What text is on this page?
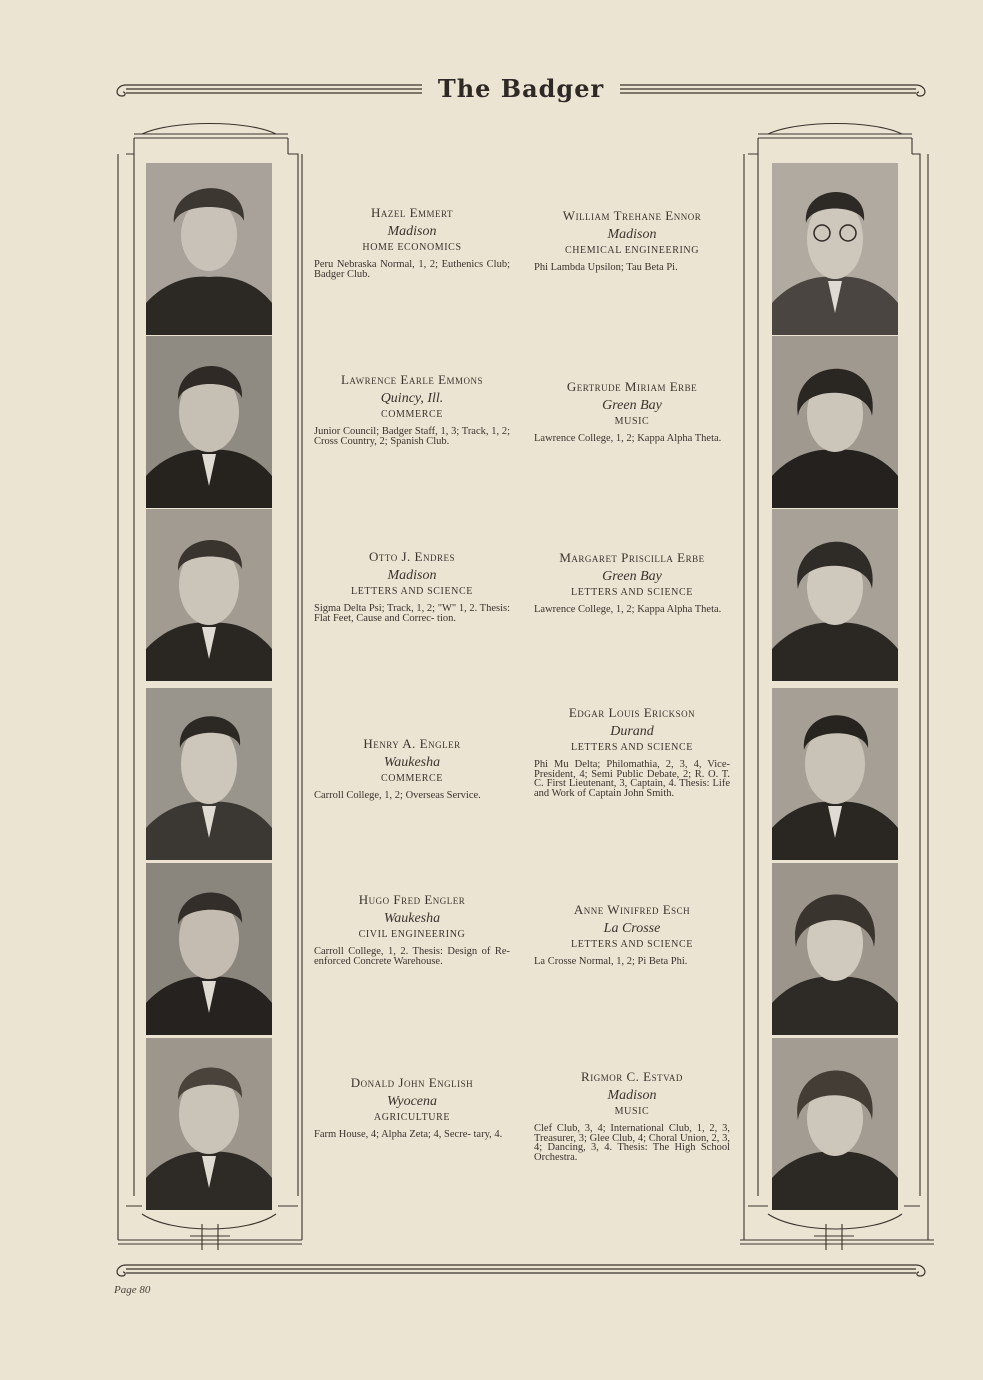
The Badger
Hazel Emmert
Madison
HOME ECONOMICS
Peru Nebraska Normal, 1, 2; Euthenics Club; Badger Club.
Lawrence Earle Emmons
Quincy, Ill.
COMMERCE
Junior Council; Badger Staff, 1, 3; Track, 1, 2; Cross Country, 2; Spanish Club.
Otto J. Endres
Madison
LETTERS AND SCIENCE
Sigma Delta Psi; Track, 1, 2; "W" 1, 2. Thesis: Flat Feet, Cause and Correc- tion.
Henry A. Engler
Waukesha
COMMERCE
Carroll College, 1, 2; Overseas Service.
Hugo Fred Engler
Waukesha
CIVIL ENGINEERING
Carroll College, 1, 2. Thesis: Design of Re-enforced Concrete Warehouse.
Donald John English
Wyocena
AGRICULTURE
Farm House, 4; Alpha Zeta; 4, Secre- tary, 4.
William Trehane Ennor
Madison
CHEMICAL ENGINEERING
Phi Lambda Upsilon; Tau Beta Pi.
Gertrude Miriam Erbe
Green Bay
MUSIC
Lawrence College, 1, 2; Kappa Alpha Theta.
Margaret Priscilla Erbe
Green Bay
LETTERS AND SCIENCE
Lawrence College, 1, 2; Kappa Alpha Theta.
Edgar Louis Erickson
Durand
LETTERS AND SCIENCE
Phi Mu Delta; Philomathia, 2, 3, 4, Vice-President, 4; Semi Public Debate, 2; R. O. T. C. First Lieutenant, 3, Captain, 4. Thesis: Life and Work of Captain John Smith.
Anne Winifred Esch
La Crosse
LETTERS AND SCIENCE
La Crosse Normal, 1, 2; Pi Beta Phi.
Rigmor C. Estvad
Madison
MUSIC
Clef Club, 3, 4; International Club, 1, 2, 3, Treasurer, 3; Glee Club, 4; Choral Union, 2, 3, 4; Dancing, 3, 4. Thesis: The High School Orchestra.
Page 80
